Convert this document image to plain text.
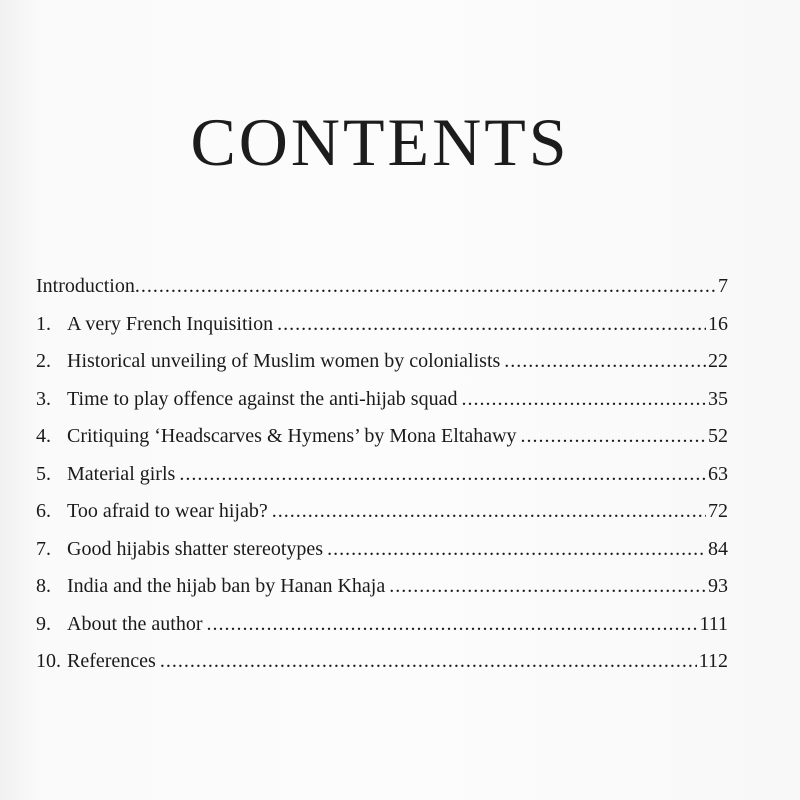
CONTENTS
Introduction .....	7
1. A very French Inquisition .....	16
2. Historical unveiling of Muslim women by colonialists .....	22
3. Time to play offence against the anti-hijab squad .....	35
4. Critiquing ‘Headscarves & Hymens’ by Mona Eltahawy .....	52
5. Material girls .....	63
6. Too afraid to wear hijab? .....	72
7. Good hijabis shatter stereotypes .....	84
8. India and the hijab ban by Hanan Khaja .....	93
9. About the author .....	111
10. References .....	112
